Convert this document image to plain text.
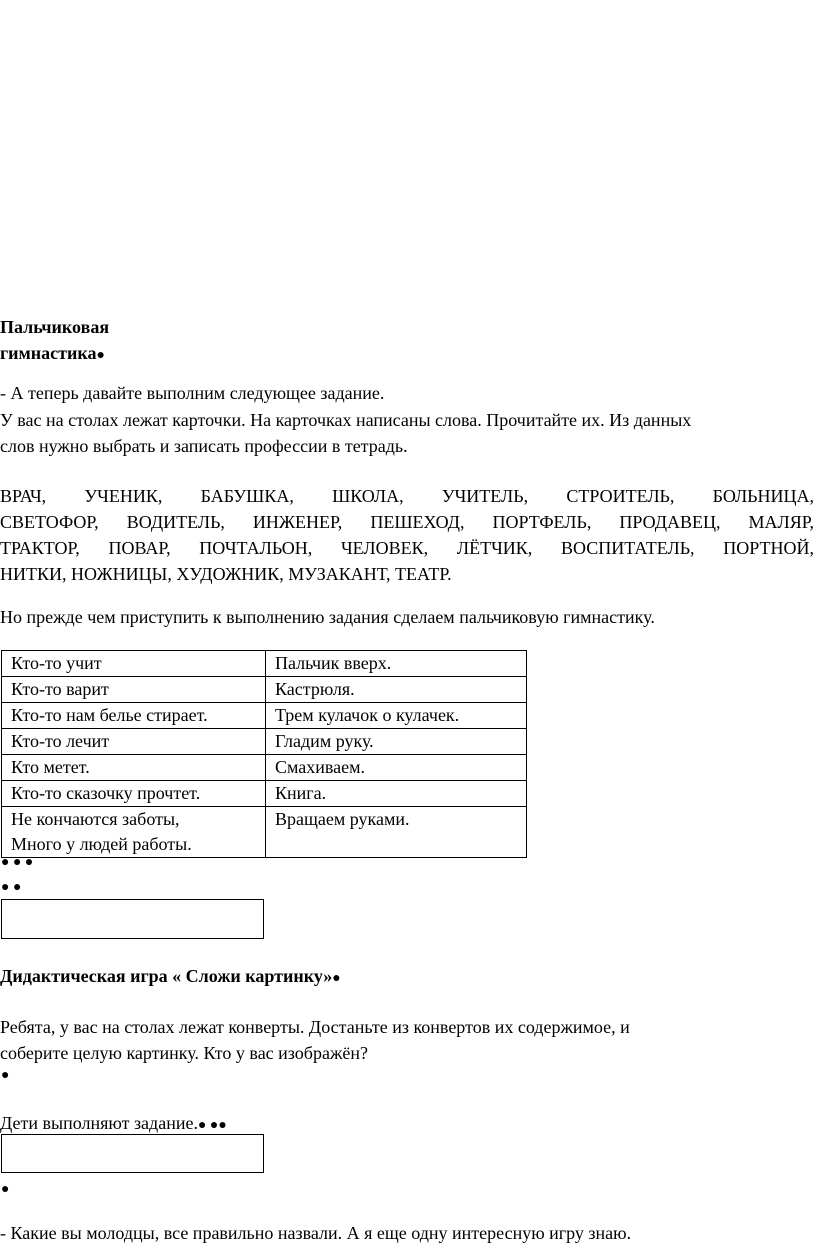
Пальчиковая
гимнастика●
- А теперь давайте выполним следующее задание.
У вас на столах лежат карточки. На карточках написаны слова. Прочитайте их. Из данных
слов нужно выбрать и записать профессии в тетрадь.
ВРАЧ, УЧЕНИК, БАБУШКА, ШКОЛА, УЧИТЕЛЬ, СТРОИТЕЛЬ, БОЛЬНИЦА,
СВЕТОФОР, ВОДИТЕЛЬ, ИНЖЕНЕР, ПЕШЕХОД, ПОРТФЕЛЬ, ПРОДАВЕЦ, МАЛЯР,
ТРАКТОР, ПОВАР, ПОЧТАЛЬОН, ЧЕЛОВЕК, ЛЁТЧИК, ВОСПИТАТЕЛЬ, ПОРТНОЙ,
НИТКИ, НОЖНИЦЫ, ХУДОЖНИК, МУЗАКАНТ, ТЕАТР.
Но прежде чем приступить к выполнению задания сделаем пальчиковую гимнастику.
Кто-то учит	Пальчик вверх.
Кто-то варит	Кастрюля.
Кто-то нам белье стирает.	Трем кулачок о кулачек.
Кто-то лечит	Гладим руку.
Кто метет.	Смахиваем.
Кто-то сказочку прочтет.	Книга.

Не кончаются заботы,
Много у людей работы.	Вращаем руками.
● ● ●
● ●
Дидактическая игра « Сложи картинку»●
Ребята, у вас на столах лежат конверты. Достаньте из конвертов их содержимое, и
соберите целую картинку. Кто у вас изображён?
●
Дети выполняют задание.● ●●
●
- Какие вы молодцы, все правильно назвали. А я еще одну интересную игру знаю.
